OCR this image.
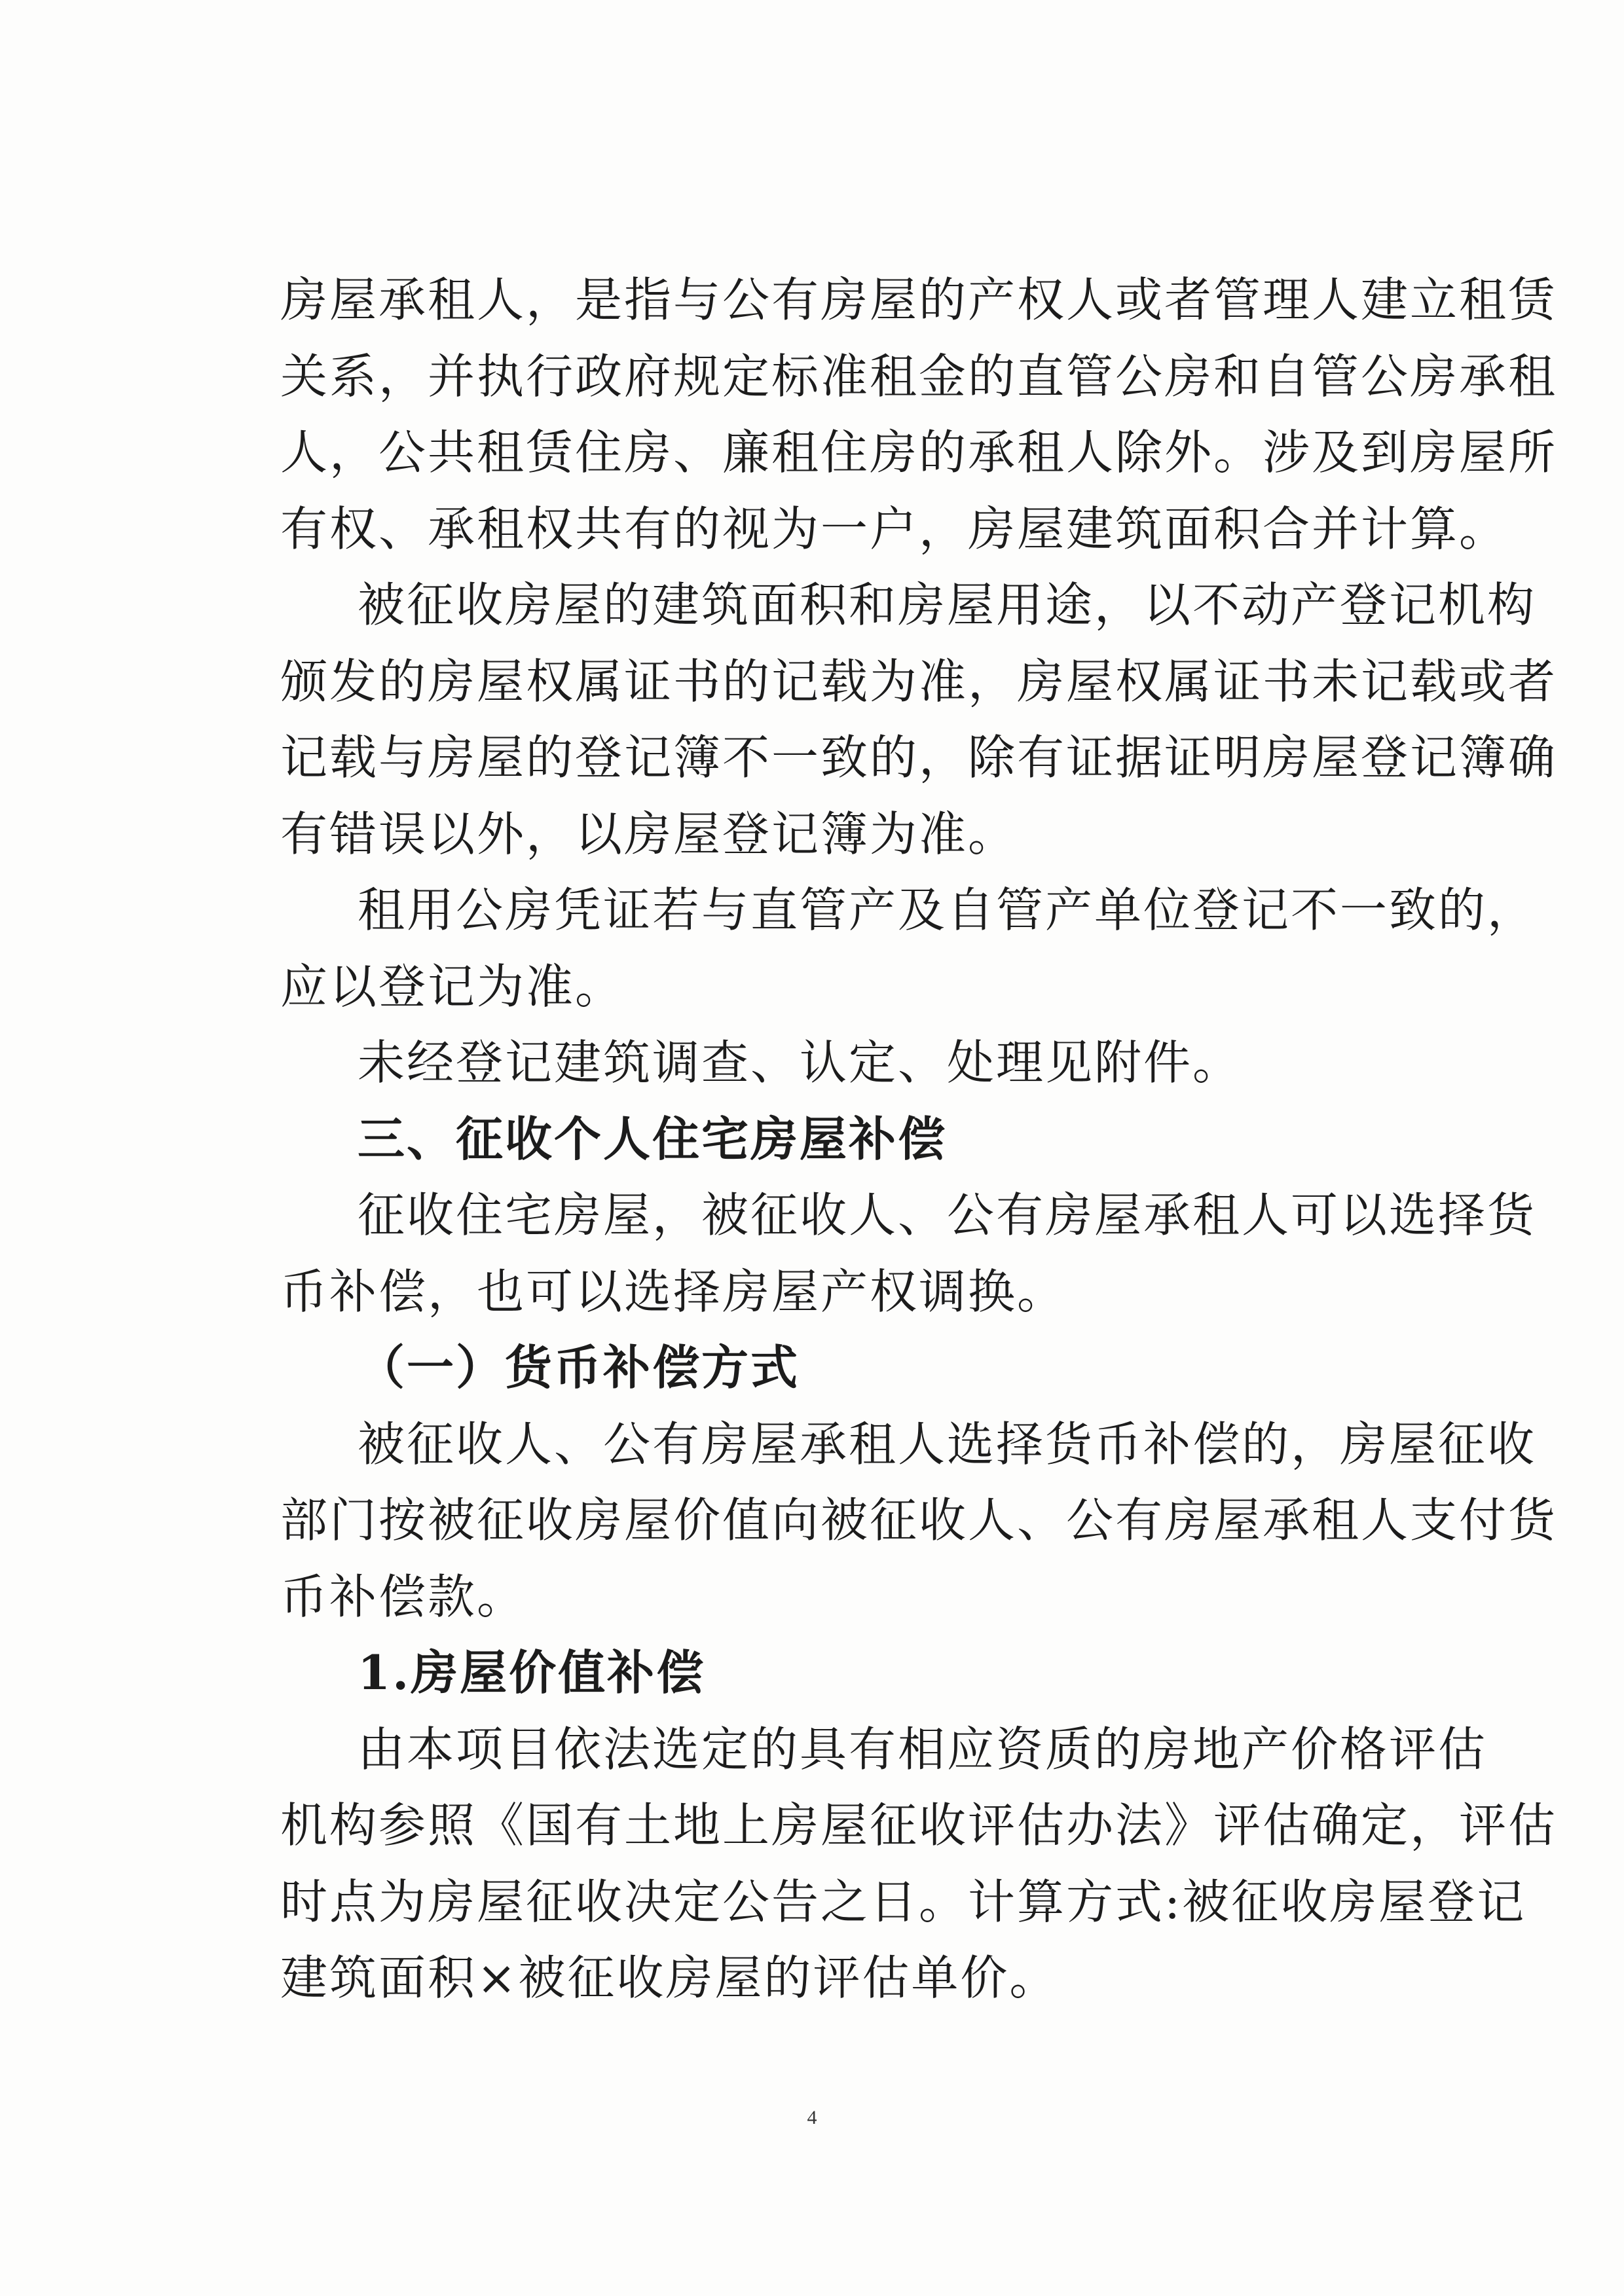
房屋承租人，是指与公有房屋的产权人或者管理人建立租赁
关系，并执行政府规定标准租金的直管公房和自管公房承租
人，公共租赁住房、廉租住房的承租人除外。涉及到房屋所
有权、承租权共有的视为一户，房屋建筑面积合并计算。
被征收房屋的建筑面积和房屋用途，以不动产登记机构
颁发的房屋权属证书的记载为准，房屋权属证书未记载或者
记载与房屋的登记簿不一致的，除有证据证明房屋登记簿确
有错误以外，以房屋登记簿为准。
租用公房凭证若与直管产及自管产单位登记不一致的，
应以登记为准。
未经登记建筑调查、认定、处理见附件。
三、征收个人住宅房屋补偿
征收住宅房屋，被征收人、公有房屋承租人可以选择货
币补偿，也可以选择房屋产权调换。
（一）货币补偿方式
被征收人、公有房屋承租人选择货币补偿的，房屋征收
部门按被征收房屋价值向被征收人、公有房屋承租人支付货
币补偿款。
1.房屋价值补偿
由本项目依法选定的具有相应资质的房地产价格评估
机构参照《国有土地上房屋征收评估办法》评估确定，评估
时点为房屋征收决定公告之日。计算方式:被征收房屋登记
建筑面积×被征收房屋的评估单价。
4
